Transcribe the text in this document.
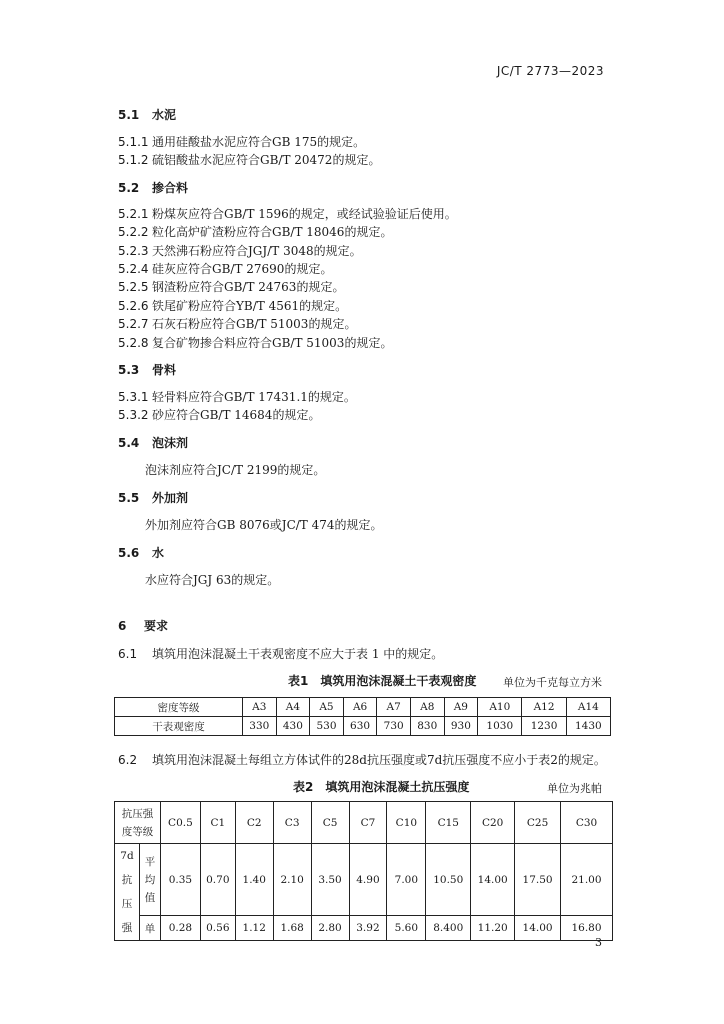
JC/T 2773—2023
5.1 水泥
5.1.1 通用硅酸盐水泥应符合GB 175的规定。
5.1.2 硫铝酸盐水泥应符合GB/T 20472的规定。
5.2 掺合料
5.2.1 粉煤灰应符合GB/T 1596的规定，或经试验验证后使用。
5.2.2 粒化高炉矿渣粉应符合GB/T 18046的规定。
5.2.3 天然沸石粉应符合JGJ/T 3048的规定。
5.2.4 硅灰应符合GB/T 27690的规定。
5.2.5 钢渣粉应符合GB/T 24763的规定。
5.2.6 铁尾矿粉应符合YB/T 4561的规定。
5.2.7 石灰石粉应符合GB/T 51003的规定。
5.2.8 复合矿物掺合料应符合GB/T 51003的规定。
5.3 骨料
5.3.1 轻骨料应符合GB/T 17431.1的规定。
5.3.2 砂应符合GB/T 14684的规定。
5.4 泡沫剂
泡沫剂应符合JC/T 2199的规定。
5.5 外加剂
外加剂应符合GB 8076或JC/T 474的规定。
5.6 水
水应符合JGJ 63的规定。
6 要求
6.1 填筑用泡沫混凝土干表观密度不应大于表 1 中的规定。
表1　填筑用泡沫混凝土干表观密度 单位为千克每立方米
密度等级	A3	A4	A5	A6	A7	A8	A9	A10	A12	A14
干表观密度	330	430	530	630	730	830	930	1030	1230	1430
6.2 填筑用泡沫混凝土每组立方体试件的28d抗压强度或7d抗压强度不应小于表2的规定。
表2　填筑用泡沫混凝土抗压强度	单位为兆帕
抗压强度等级		C0.5	C1	C2	C3	C5	C7	C10	C15	C20	C25	C30
7d抗压强	平均值	0.35	0.70	1.40	2.10	3.50	4.90	7.00	10.50	14.00	17.50	21.00
	单	0.28	0.56	1.12	1.68	2.80	3.92	5.60	8.400	11.20	14.00	16.80
3
